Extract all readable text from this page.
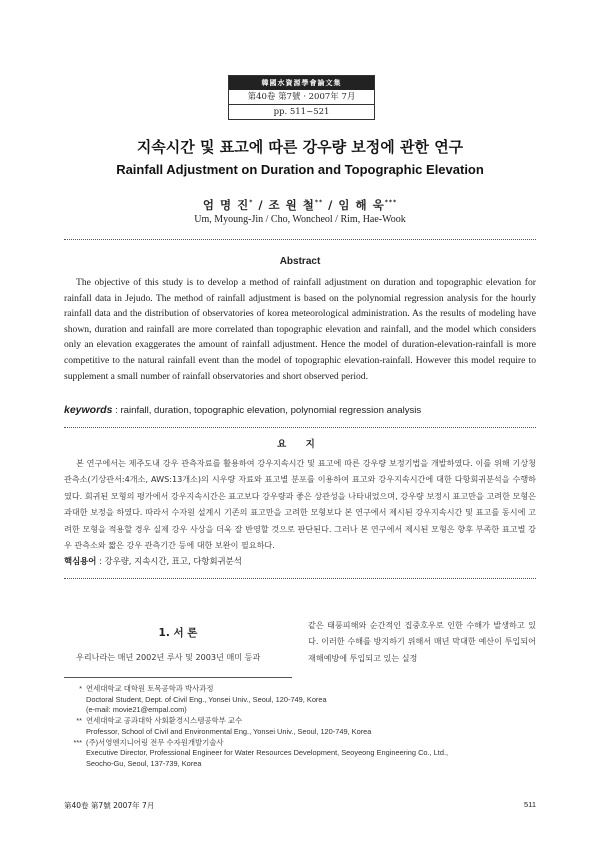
韓國水資源學會論文集
第40卷 第7號 · 2007年 7月
pp. 511~521
지속시간 및 표고에 따른 강우량 보정에 관한 연구
Rainfall Adjustment on Duration and Topographic Elevation
엄 명 진* / 조 원 철** / 임 해 욱***
Um, Myoung-Jin / Cho, Woncheol / Rim, Hae-Wook
Abstract
The objective of this study is to develop a method of rainfall adjustment on duration and topographic elevation for rainfall data in Jejudo. The method of rainfall adjustment is based on the polynomial regression analysis for the hourly rainfall data and the distribution of observatories of korea meteorological administration. As the results of modeling have shown, duration and rainfall are more correlated than topographic elevation and rainfall, and the model which considers only an elevation exaggerates the amount of rainfall adjustment. Hence the model of duration-elevation-rainfall is more competitive to the natural rainfall event than the model of topographic elevation-rainfall. However this model require to supplement a small number of rainfall observatories and short observed period.
keywords : rainfall, duration, topographic elevation, polynomial regression analysis
요 지
본 연구에서는 제주도내 강우 관측자료를 활용하여 강우지속시간 및 표고에 따른 강우량 보정기법을 개발하였다. 이를 위해 기상청 관측소(기상관서:4개소, AWS:13개소)의 시우량 자료와 표고별 분포를 이용하여 표고와 강우지속시간에 대한 다항회귀분석을 수행하였다. 회귀된 모형의 평가에서 강우지속시간은 표고보다 강우량과 좋은 상관성을 나타내었으며, 강우량 보정시 표고만을 고려한 모형은 과대한 보정을 하였다. 따라서 수자원 설계시 기존의 표고만을 고려한 모형보다 본 연구에서 제시된 강우지속시간 및 표고를 동시에 고려한 모형을 적용할 경우 실제 강우 사상을 더욱 잘 반영할 것으로 판단된다. 그러나 본 연구에서 제시된 모형은 향후 부족한 표고별 강우 관측소와 짧은 강우 관측기간 등에 대한 보완이 필요하다.
핵심용어 : 강우량, 지속시간, 표고, 다항회귀분석
1. 서 론
우리나라는 매년 2002년 루사 및 2003년 매미 등과
같은 태풍피해와 순간적인 집중호우로 인한 수해가 발생하고 있다. 이러한 수해를 방지하기 위해서 매년 막대한 예산이 투입되어 재해예방에 투입되고 있는 실정
* 연세대학교 대학원 토목공학과 박사과정
Doctoral Student, Dept. of Civil Eng., Yonsei Univ., Seoul, 120-749, Korea
(e-mail: movie21@empal.com)
** 연세대학교 공과대학 사회환경시스템공학부 교수
Professor, School of Civil and Environmental Eng., Yonsei Univ., Seoul, 120-749, Korea
*** (주)서영엔지니어링 전무 수자원개발기술사
Executive Director, Professional Engineer for Water Resources Development, Seoyeong Engineering Co., Ltd.,
Seocho-Gu, Seoul, 137-739, Korea
第40卷 第7號 2007年 7月	511
